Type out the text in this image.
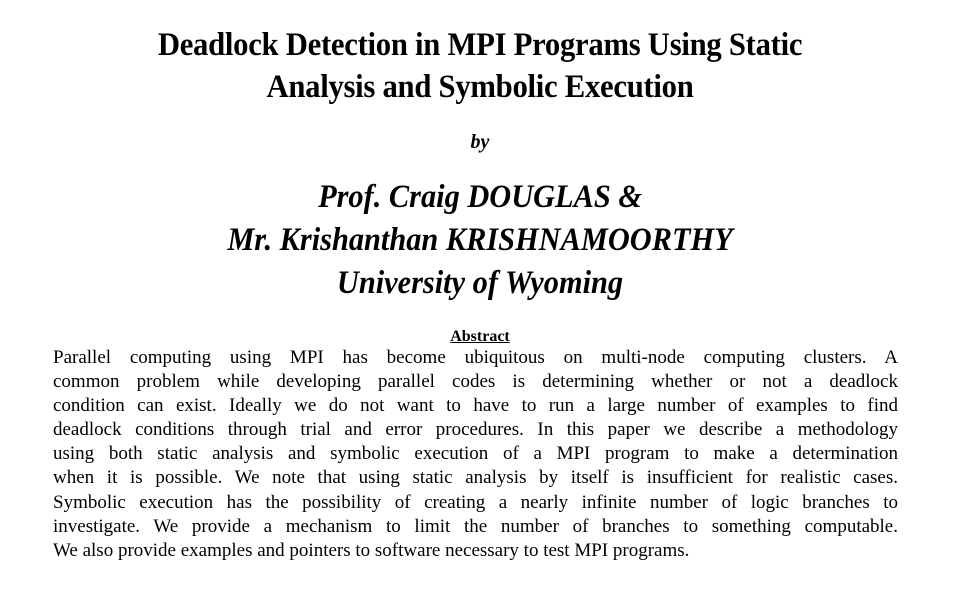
Deadlock Detection in MPI Programs Using Static
Analysis and Symbolic Execution
by
Prof. Craig DOUGLAS &
Mr. Krishanthan KRISHNAMOORTHY
University of Wyoming
Abstract
Parallel computing using MPI has become ubiquitous on multi-node computing clusters. A
common problem while developing parallel codes is determining whether or not a deadlock
condition can exist. Ideally we do not want to have to run a large number of examples to find
deadlock conditions through trial and error procedures. In this paper we describe a methodology
using both static analysis and symbolic execution of a MPI program to make a determination
when it is possible. We note that using static analysis by itself is insufficient for realistic cases.
Symbolic execution has the possibility of creating a nearly infinite number of logic branches to
investigate. We provide a mechanism to limit the number of branches to something computable.
We also provide examples and pointers to software necessary to test MPI programs.
